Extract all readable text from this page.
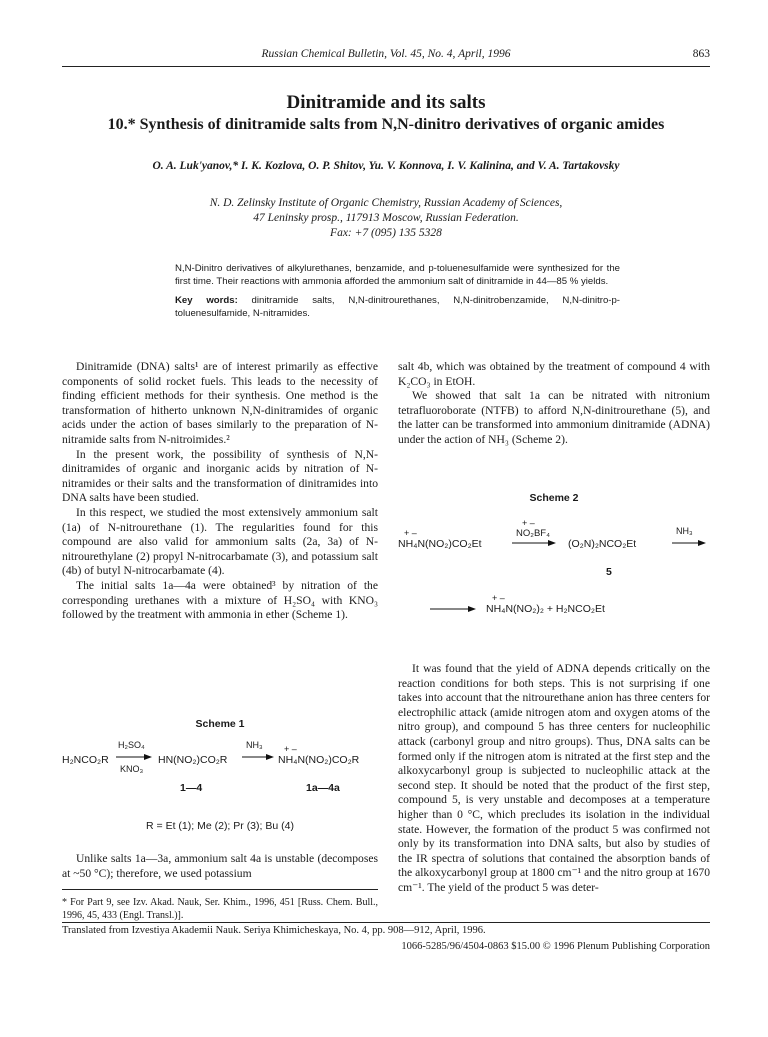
Russian Chemical Bulletin, Vol. 45, No. 4, April, 1996	863
Dinitramide and its salts
10.* Synthesis of dinitramide salts from N,N-dinitro derivatives of organic amides
O. A. Luk'yanov,* I. K. Kozlova, O. P. Shitov, Yu. V. Konnova, I. V. Kalinina, and V. A. Tartakovsky
N. D. Zelinsky Institute of Organic Chemistry, Russian Academy of Sciences,
47 Leninsky prosp., 117913 Moscow, Russian Federation.
Fax: +7 (095) 135 5328

N,N-Dinitro derivatives of alkylurethanes, benzamide, and p-toluenesulfamide were synthesized for the first time. Their reactions with ammonia afforded the ammonium salt of dinitramide in 44—85 % yields.

Key words: dinitramide salts, N,N-dinitrourethanes, N,N-dinitrobenzamide, N,N-dinitro-p-toluenesulfamide, N-nitramides.

Dinitramide (DNA) salts¹ are of interest primarily as effective components of solid rocket fuels. This leads to the necessity of finding efficient methods for their synthesis. One method is the transformation of hitherto unknown N,N-dinitramides of organic acids under the action of bases similarly to the preparation of N-nitramide salts from N-nitroimides.²

In the present work, the possibility of synthesis of N,N-dinitramides of organic and inorganic acids by nitration of N-nitramides or their salts and the transformation of dinitramides into DNA salts have been studied.

In this respect, we studied the most extensively ammonium salt (1a) of N-nitrourethane (1). The regularities found for this compound are also valid for ammonium salts (2a, 3a) of N-nitrourethylane (2) propyl N-nitrocarbamate (3), and potassium salt (4b) of butyl N-nitrocarbamate (4).

The initial salts 1a—4a were obtained³ by nitration of the corresponding urethanes with a mixture of H₂SO₄ with KNO₃ followed by the treatment with ammonia in ether (Scheme 1).

Scheme 1
H₂NCO₂R
H₂SO₄
KNO₃
HN(NO₂)CO₂R
NH₃ + –
NH₄N(NO₂)CO₂R
1—4	1a—4a
R = Et (1); Me (2); Pr (3); Bu (4)

Unlike salts 1a—3a, ammonium salt 4a is unstable (decomposes at ~50 °C); therefore, we used potassium

* For Part 9, see Izv. Akad. Nauk, Ser. Khim., 1996, 451 [Russ. Chem. Bull., 1996, 45, 433 (Engl. Transl.)].

salt 4b, which was obtained by the treatment of compound 4 with K₂CO₃ in EtOH.

We showed that salt 1a can be nitrated with nitronium tetrafluoroborate (NTFB) to afford N,N-dinitrourethane (5), and the latter can be transformed into ammonium dinitramide (ADNA) under the action of NH₃ (Scheme 2).

Scheme 2
+ –
NH₄N(NO₂)CO₂Et
+ –
NO₂BF₄
(O₂N)₂NCO₂Et
NH₃
5
+ –
NH₄N(NO₂)₂ + H₂NCO₂Et

It was found that the yield of ADNA depends critically on the reaction conditions for both steps. This is not surprising if one takes into account that the nitrourethane anion has three centers for electrophilic attack (amide nitrogen atom and oxygen atoms of the nitro group), and compound 5 has three centers for nucleophilic attack (carbonyl group and nitro groups). Thus, DNA salts can be formed only if the nitrogen atom is nitrated at the first step and the alkoxycarbonyl group is subjected to nucleophilic attack at the second step. It should be noted that the product of the first step, compound 5, is very unstable and decomposes at a temperature higher than 0 °C, which precludes its isolation in the individual state. However, the formation of the product 5 was confirmed not only by its transformation into DNA salts, but also by studies of the IR spectra of solutions that contained the absorption bands of the alkoxycarbonyl group at 1800 cm⁻¹ and the nitro group at 1670 cm⁻¹. The yield of the product 5 was deter-

Translated from Izvestiya Akademii Nauk. Seriya Khimicheskaya, No. 4, pp. 908—912, April, 1996.
1066-5285/96/4504-0863 $15.00 © 1996 Plenum Publishing Corporation
